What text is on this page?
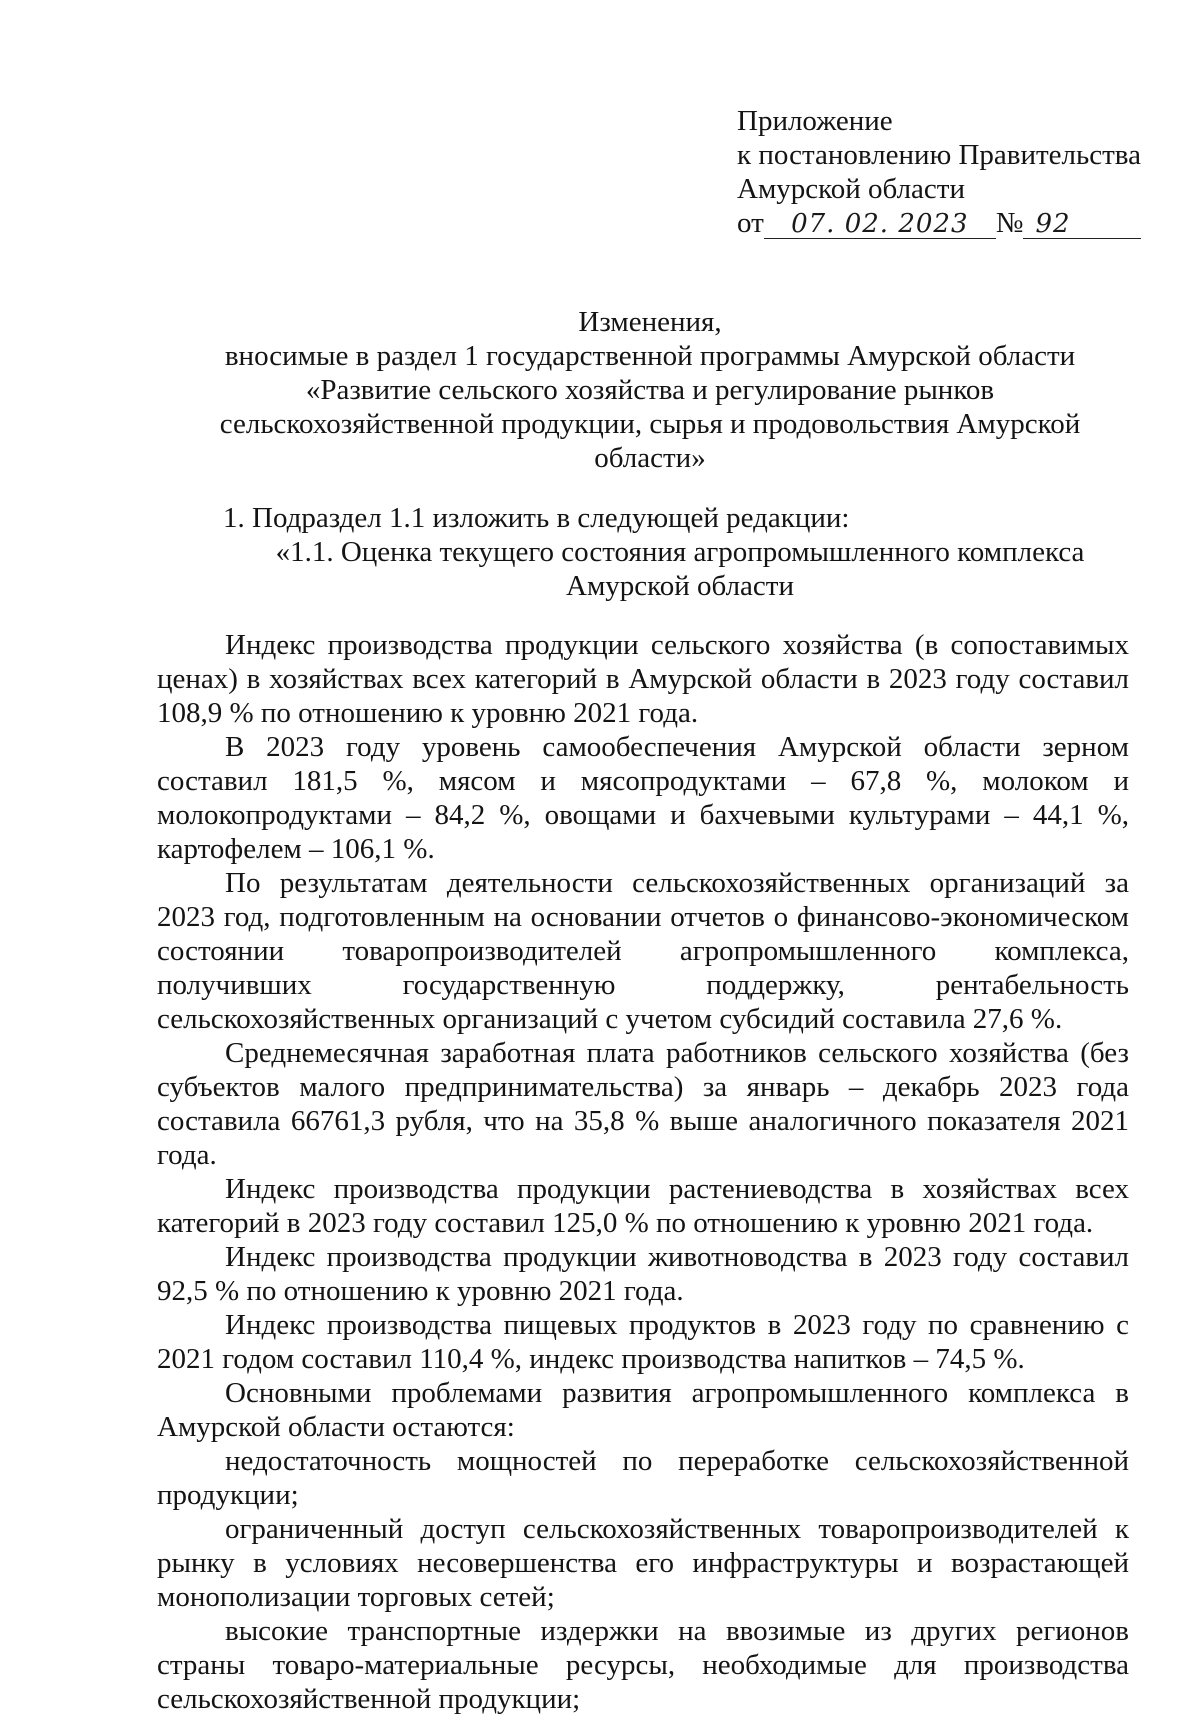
Приложение
к постановлению Правительства
Амурской области
от 07. 02. 2023 № 92
Изменения,
вносимые в раздел 1 государственной программы Амурской области
«Развитие сельского хозяйства и регулирование рынков
сельскохозяйственной продукции, сырья и продовольствия Амурской
области»
1. Подраздел 1.1 изложить в следующей редакции:
«1.1. Оценка текущего состояния агропромышленного комплекса
Амурской области

Индекс производства продукции сельского хозяйства (в сопоставимых ценах) в хозяйствах всех категорий в Амурской области в 2023 году составил 108,9 % по отношению к уровню 2021 года.

В 2023 году уровень самообеспечения Амурской области зерном составил 181,5 %, мясом и мясопродуктами – 67,8 %, молоком и молокопродуктами – 84,2 %, овощами и бахчевыми культурами – 44,1 %, картофелем – 106,1 %.

По результатам деятельности сельскохозяйственных организаций за 2023 год, подготовленным на основании отчетов о финансово-экономическом состоянии товаропроизводителей агропромышленного комплекса, получивших государственную поддержку, рентабельность сельскохозяйственных организаций с учетом субсидий составила 27,6 %.

Среднемесячная заработная плата работников сельского хозяйства (без субъектов малого предпринимательства) за январь – декабрь 2023 года составила 66761,3 рубля, что на 35,8 % выше аналогичного показателя 2021 года.

Индекс производства продукции растениеводства в хозяйствах всех категорий в 2023 году составил 125,0 % по отношению к уровню 2021 года.

Индекс производства продукции животноводства в 2023 году составил 92,5 % по отношению к уровню 2021 года.

Индекс производства пищевых продуктов в 2023 году по сравнению с 2021 годом составил 110,4 %, индекс производства напитков – 74,5 %.

Основными проблемами развития агропромышленного комплекса в Амурской области остаются:

недостаточность мощностей по переработке сельскохозяйственной продукции;

ограниченный доступ сельскохозяйственных товаропроизводителей к рынку в условиях несовершенства его инфраструктуры и возрастающей монополизации торговых сетей;

высокие транспортные издержки на ввозимые из других регионов страны товаро-материальные ресурсы, необходимые для производства сельскохозяйственной продукции;
